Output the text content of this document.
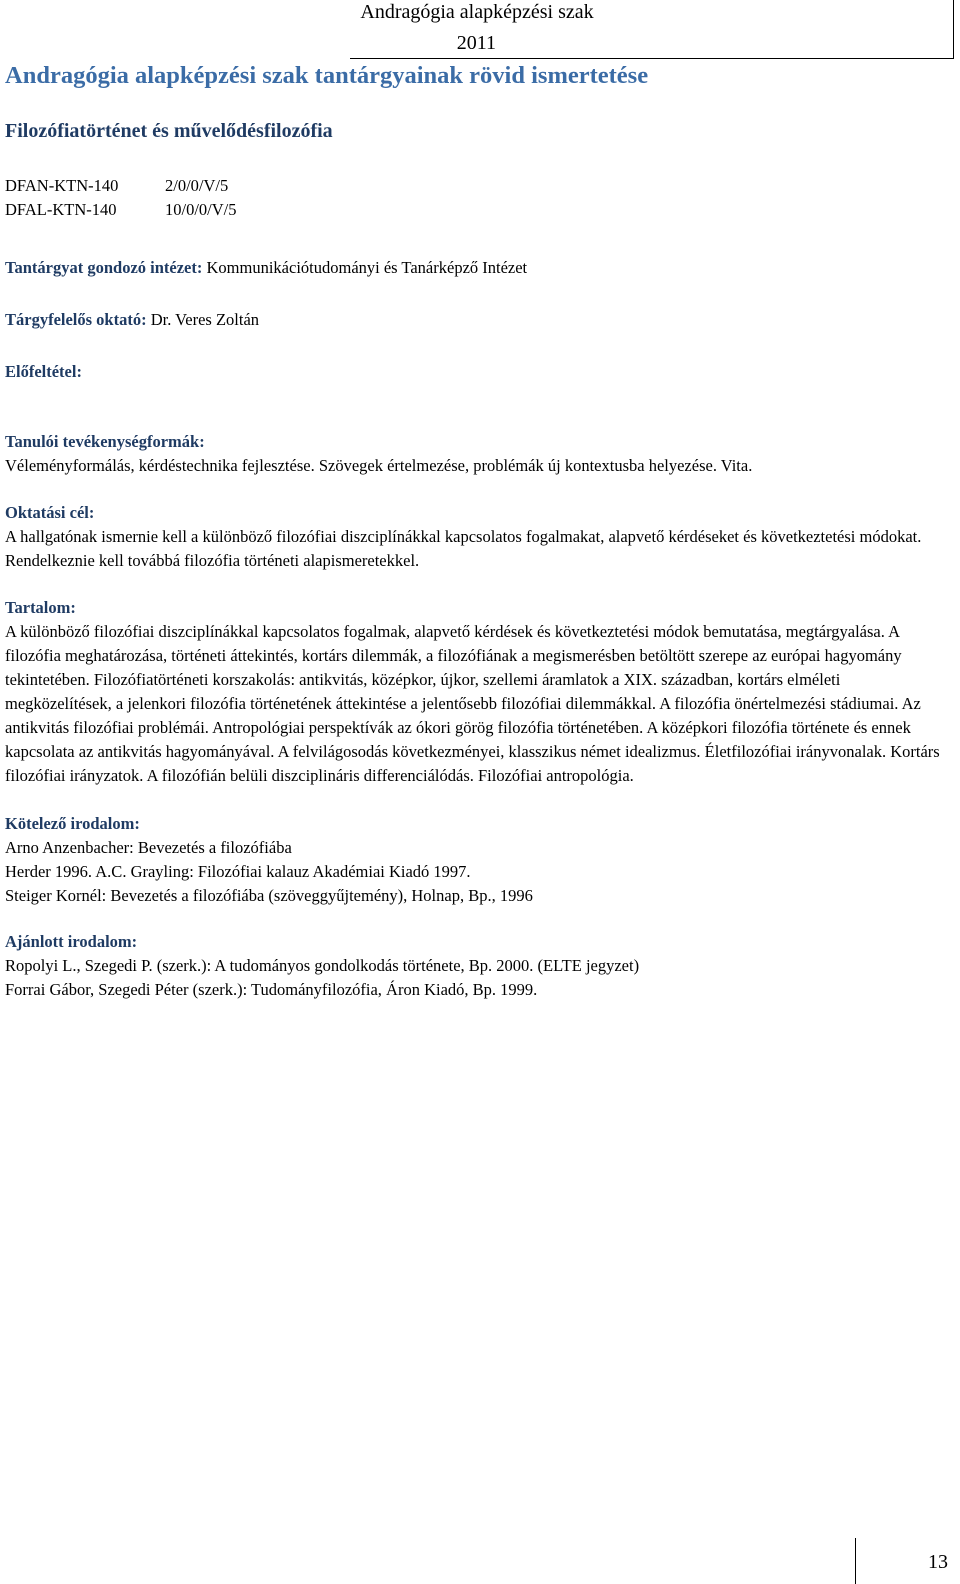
Andragógia alapképzési szak
2011
Andragógia alapképzési szak tantárgyainak rövid ismertetése
Filozófiatörténet és művelődésfilozófia
DFAN-KTN-140	2/0/0/V/5
DFAL-KTN-140	10/0/0/V/5
Tantárgyat gondozó intézet: Kommunikációtudományi és Tanárképző Intézet
Tárgyfelelős oktató: Dr. Veres Zoltán
Előfeltétel:
Tanulói tevékenységformák:

Véleményformálás, kérdéstechnika fejlesztése. Szövegek értelmezése, problémák új kontextusba helyezése. Vita.

Oktatási cél:

A hallgatónak ismernie kell a különböző filozófiai diszciplínákkal kapcsolatos fogalmakat, alapvető kérdéseket és következtetési módokat. Rendelkeznie kell továbbá filozófia történeti alapismeretekkel.

Tartalom:

A különböző filozófiai diszciplínákkal kapcsolatos fogalmak, alapvető kérdések és következtetési módok bemutatása, megtárgyalása. A filozófia meghatározása, történeti áttekintés, kortárs dilemmák, a filozófiának a megismerésben betöltött szerepe az európai hagyomány tekintetében. Filozófiatörténeti korszakolás: antikvitás, középkor, újkor, szellemi áramlatok a XIX. században, kortárs elméleti megközelítések, a jelenkori filozófia történetének áttekintése a jelentősebb filozófiai dilemmákkal. A filozófia önértelmezési stádiumai. Az antikvitás filozófiai problémái. Antropológiai perspektívák az ókori görög filozófia történetében. A középkori filozófia története és ennek kapcsolata az antikvitás hagyományával. A felvilágosodás következményei, klasszikus német idealizmus. Életfilozófiai irányvonalak. Kortárs filozófiai irányzatok. A filozófián belüli diszciplináris differenciálódás. Filozófiai antropológia.

Kötelező irodalom:

Arno Anzenbacher: Bevezetés a filozófiába

Herder 1996. A.C. Grayling: Filozófiai kalauz Akadémiai Kiadó 1997.

Steiger Kornél: Bevezetés a filozófiába (szöveggyűjtemény), Holnap, Bp., 1996

Ajánlott irodalom:

Ropolyi L., Szegedi P. (szerk.): A tudományos gondolkodás története, Bp. 2000. (ELTE jegyzet)

Forrai Gábor, Szegedi Péter (szerk.): Tudományfilozófia, Áron Kiadó, Bp. 1999.

13
